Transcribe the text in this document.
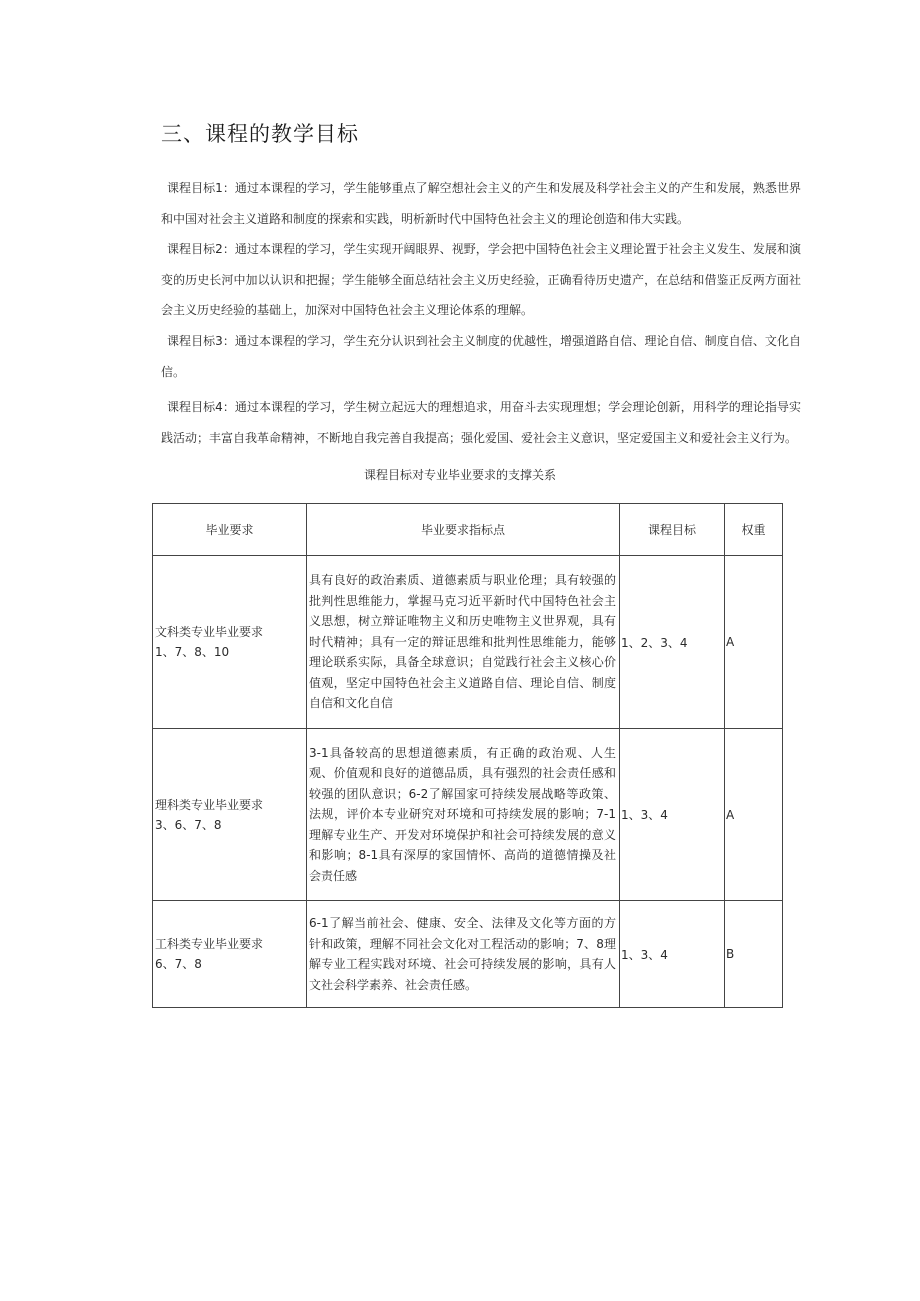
三、课程的教学目标

课程目标1：通过本课程的学习，学生能够重点了解空想社会主义的产生和发展及科学社会主义的产生和发展，熟悉世界和中国对社会主义道路和制度的探索和实践，明析新时代中国特色社会主义的理论创造和伟大实践。

课程目标2：通过本课程的学习，学生实现开阔眼界、视野，学会把中国特色社会主义理论置于社会主义发生、发展和演变的历史长河中加以认识和把握；学生能够全面总结社会主义历史经验，正确看待历史遗产，在总结和借鉴正反两方面社会主义历史经验的基础上，加深对中国特色社会主义理论体系的理解。

课程目标3：通过本课程的学习，学生充分认识到社会主义制度的优越性，增强道路自信、理论自信、制度自信、文化自信。

课程目标4：通过本课程的学习，学生树立起远大的理想追求，用奋斗去实现理想；学会理论创新，用科学的理论指导实践活动；丰富自我革命精神，不断地自我完善自我提高；强化爱国、爱社会主义意识，坚定爱国主义和爱社会主义行为。

课程目标对专业毕业要求的支撑关系
毕业要求	毕业要求指标点	课程目标	权重

文科类专业毕业要求
1、7、8、10	具有良好的政治素质、道德素质与职业伦理；具有较强的批判性思维能力，掌握马克习近平新时代中国特色社会主义思想，树立辩证唯物主义和历史唯物主义世界观，具有时代精神；具有一定的辩证思维和批判性思维能力，能够理论联系实际，具备全球意识；自觉践行社会主义核心价值观，坚定中国特色社会主义道路自信、理论自信、制度自信和文化自信	1、2、3、4	A

理科类专业毕业要求
3、6、7、8	3-1具备较高的思想道德素质，有正确的政治观、人生观、价值观和良好的道德品质，具有强烈的社会责任感和较强的团队意识；6-2了解国家可持续发展战略等政策、法规，评价本专业研究对环境和可持续发展的影响；7-1理解专业生产、开发对环境保护和社会可持续发展的意义和影响；8-1具有深厚的家国情怀、高尚的道德情操及社会责任感	1、3、4	A

工科类专业毕业要求
6、7、8	6-1了解当前社会、健康、安全、法律及文化等方面的方针和政策，理解不同社会文化对工程活动的影响；7、8理解专业工程实践对环境、社会可持续发展的影响，具有人文社会科学素养、社会责任感。	1、3、4	B
